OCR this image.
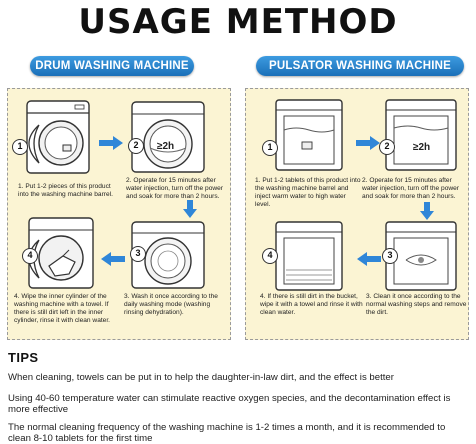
USAGE METHOD
DRUM WASHING MACHINE	PULSATOR WASHING MACHINE
1	≥2h
2
1. Put 1-2 pieces of this product into the washing machine barrel.
2. Operate for 15 minutes after water injection, turn off the power and soak for more than 2 hours.
3
4
4. Wipe the inner cylinder of the washing machine with a towel. If there is still dirt left in the inner cylinder, rinse it with clean water.
3. Wash it once according to the daily washing mode (washing rinsing dehydration).
1	≥2h
2
1. Put 1-2 tablets of this product into the washing machine barrel and inject warm water to high water level.
2. Operate for 15 minutes after water injection, turn off the power and soak for more than 2 hours.
3
4
4. If there is still dirt in the bucket, wipe it with a towel and rinse it with clean water.
3. Clean it once according to the normal washing steps and remove the dirt.
TIPS
When cleaning, towels can be put in to help the daughter-in-law dirt, and the effect is better
Using 40-60 temperature water can stimulate reactive oxygen species, and the decontamination effect is more effective
The normal cleaning frequency of the washing machine is 1-2 times a month, and it is recommended to clean 8-10 tablets for the first time
